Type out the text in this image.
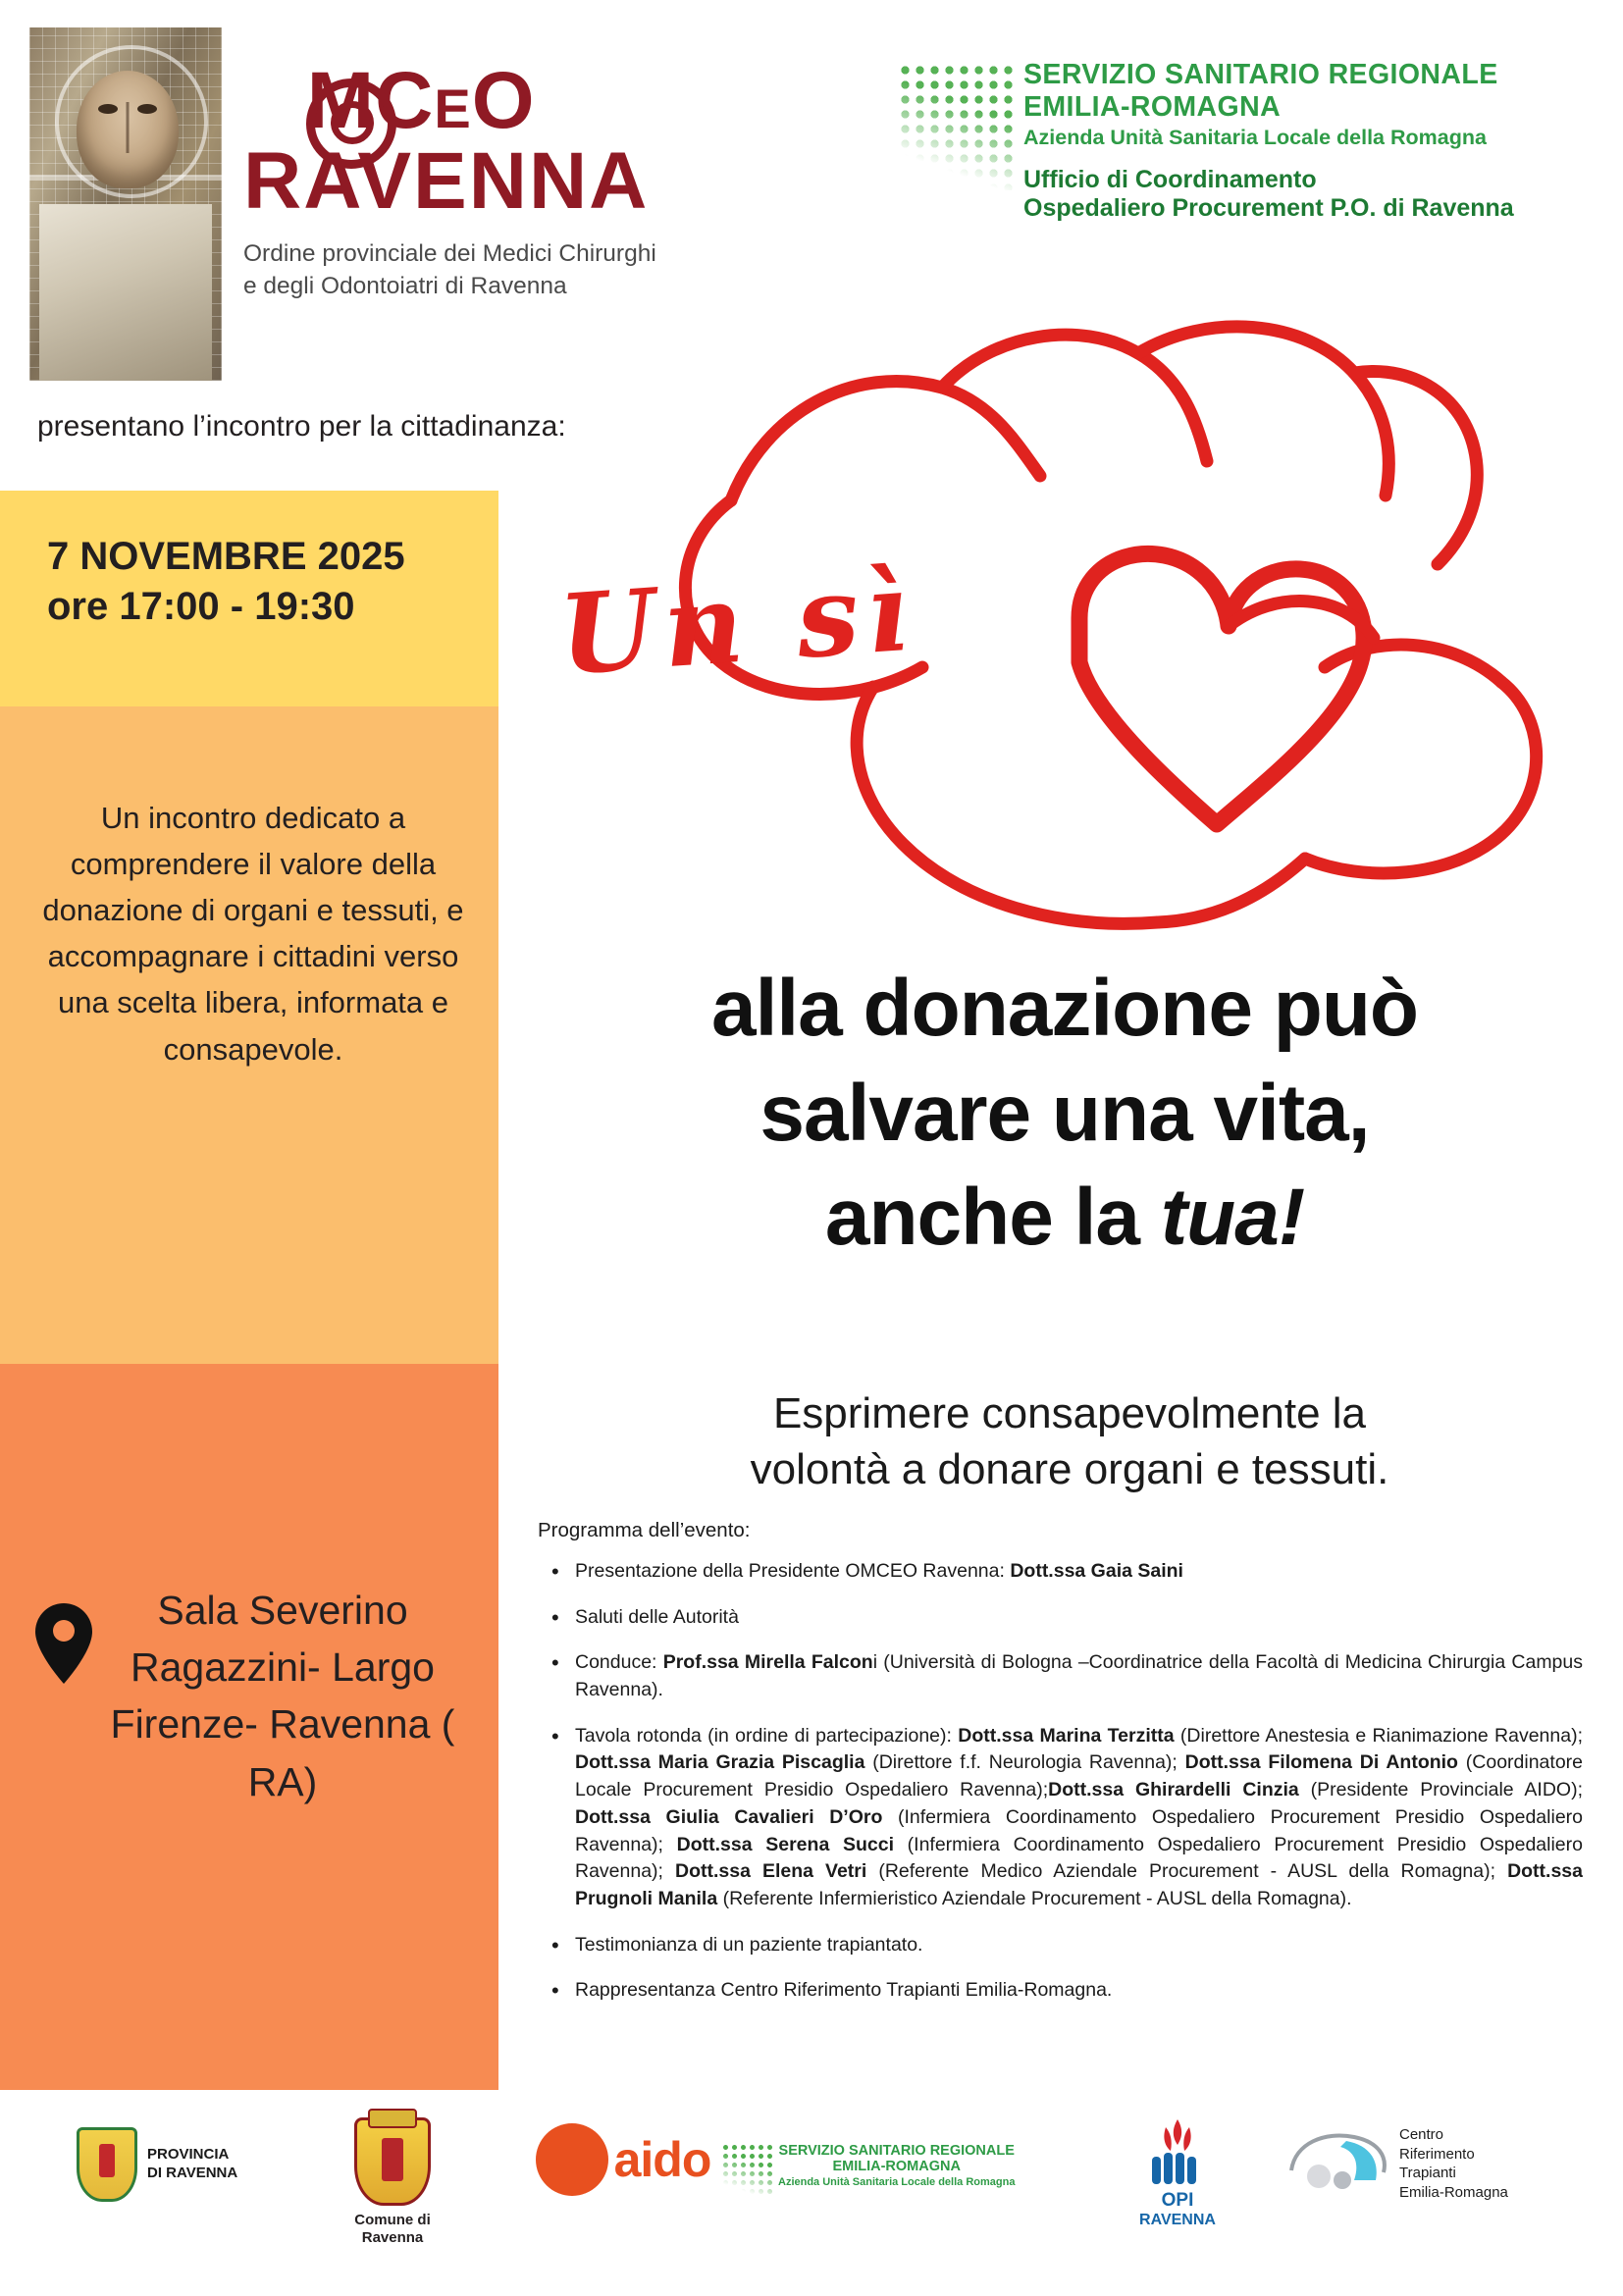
MCEO
RAVENNA
Ordine provinciale dei Medici Chirurghi
e degli Odontoiatri di Ravenna
SERVIZIO SANITARIO REGIONALE
EMILIA-ROMAGNA
Azienda Unità Sanitaria Locale della Romagna
Ufficio di Coordinamento
Ospedaliero Procurement P.O. di Ravenna
presentano l’incontro per la cittadinanza:
7 NOVEMBRE 2025
ore 17:00 - 19:30
Un incontro dedicato a comprendere il valore della donazione di organi e tessuti, e accompagnare i cittadini verso una scelta libera, informata e consapevole.
Sala Severino Ragazzini- Largo Firenze- Ravenna ( RA)
Un sì
alla donazione può
salvare una vita,
anche la tua!
Esprimere consapevolmente la
volontà a donare organi e tessuti.
Programma dell’evento:
• Presentazione della Presidente OMCEO Ravenna: Dott.ssa Gaia Saini
• Saluti delle Autorità
• Conduce: Prof.ssa Mirella Falconi (Università di Bologna –Coordinatrice della Facoltà di Medicina Chirurgia Campus Ravenna).
• Tavola rotonda (in ordine di partecipazione): Dott.ssa Marina Terzitta (Direttore Anestesia e Rianimazione Ravenna); Dott.ssa Maria Grazia Piscaglia (Direttore f.f. Neurologia Ravenna); Dott.ssa Filomena Di Antonio (Coordinatore Locale Procurement Presidio Ospedaliero Ravenna);Dott.ssa Ghirardelli Cinzia (Presidente Provinciale AIDO); Dott.ssa Giulia Cavalieri D’Oro (Infermiera Coordinamento Ospedaliero Procurement Presidio Ospedaliero Ravenna); Dott.ssa Serena Succi (Infermiera Coordinamento Ospedaliero Procurement Presidio Ospedaliero Ravenna); Dott.ssa Elena Vetri (Referente Medico Aziendale Procurement - AUSL della Romagna); Dott.ssa Prugnoli Manila (Referente Infermieristico Aziendale Procurement - AUSL della Romagna).
• Testimonianza di un paziente trapiantato.
• Rappresentanza Centro Riferimento Trapianti Emilia-Romagna.
PROVINCIA
DI RAVENNA
Comune di
Ravenna
aido	SERVIZIO SANITARIO REGIONALE
EMILIA-ROMAGNA
Azienda Unità Sanitaria Locale della Romagna
OPI
RAVENNA
Centro
Riferimento
Trapianti
Emilia-Romagna
